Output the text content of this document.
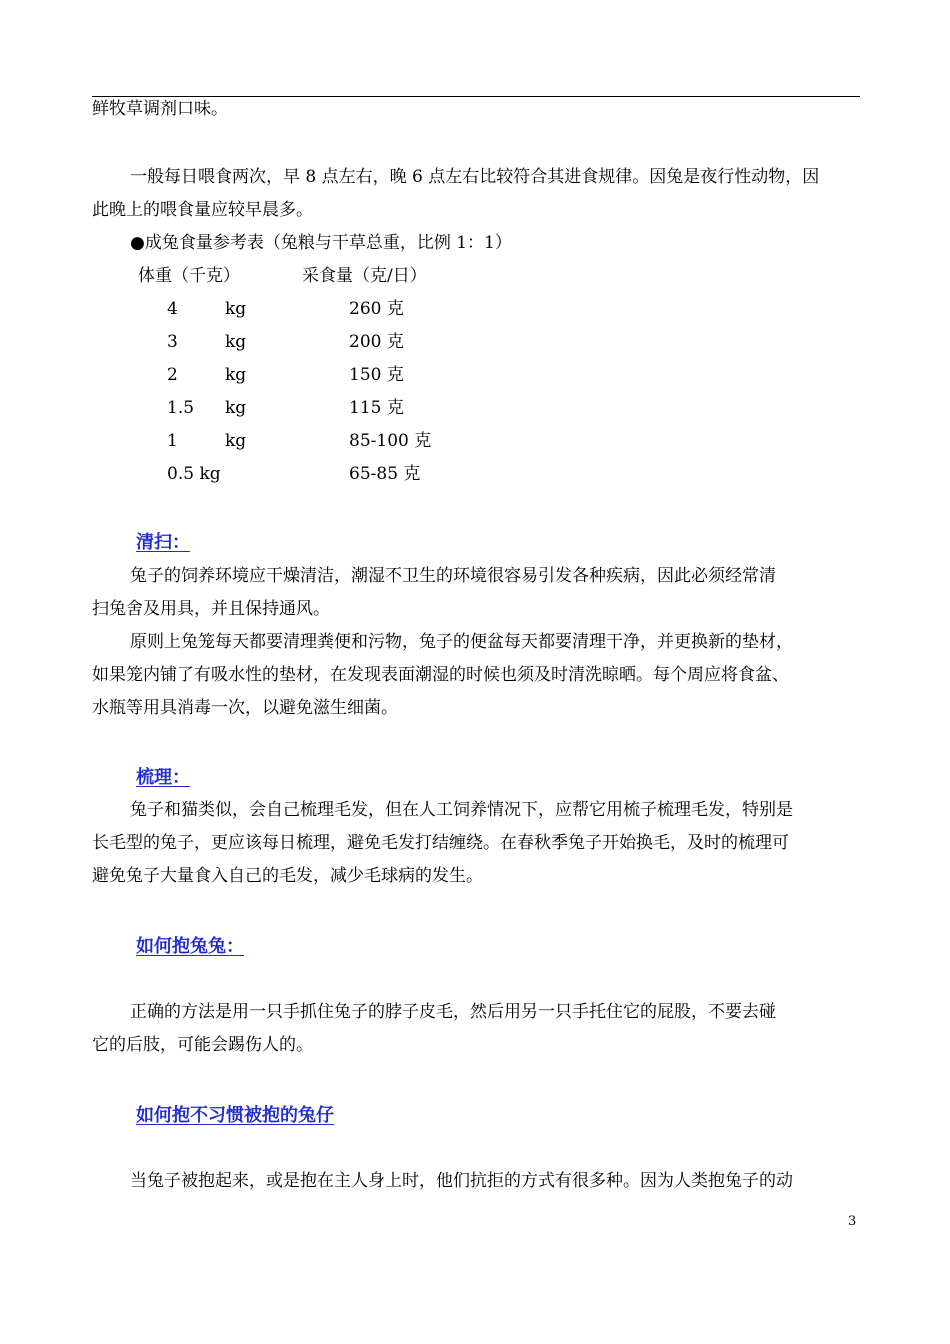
鲜牧草调剂口味。
一般每日喂食两次，早 8 点左右，晚 6 点左右比较符合其进食规律。因兔是夜行性动物，因
此晚上的喂食量应较早晨多。
●成兔食量参考表（兔粮与干草总重，比例 1：1）
体重（千克）	采食量（克/日）
4	kg	260 克
3	kg	200 克
2	kg	150 克
1.5 kg	115 克
1	kg	85-100 克
0.5 kg	65-85 克
清扫：
兔子的饲养环境应干燥清洁，潮湿不卫生的环境很容易引发各种疾病，因此必须经常清
扫兔舍及用具，并且保持通风。
原则上兔笼每天都要清理粪便和污物，兔子的便盆每天都要清理干净，并更换新的垫材，
如果笼内铺了有吸水性的垫材，在发现表面潮湿的时候也须及时清洗晾晒。每个周应将食盆、
水瓶等用具消毒一次，以避免滋生细菌。
梳理：
兔子和猫类似，会自己梳理毛发，但在人工饲养情况下，应帮它用梳子梳理毛发，特别是
长毛型的兔子，更应该每日梳理，避免毛发打结缠绕。在春秋季兔子开始换毛，及时的梳理可
避免兔子大量食入自己的毛发，减少毛球病的发生。
如何抱兔兔：
正确的方法是用一只手抓住兔子的脖子皮毛，然后用另一只手托住它的屁股，不要去碰
它的后肢，可能会踢伤人的。
如何抱不习惯被抱的兔仔
当兔子被抱起来，或是抱在主人身上时，他们抗拒的方式有很多种。因为人类抱兔子的动
3
